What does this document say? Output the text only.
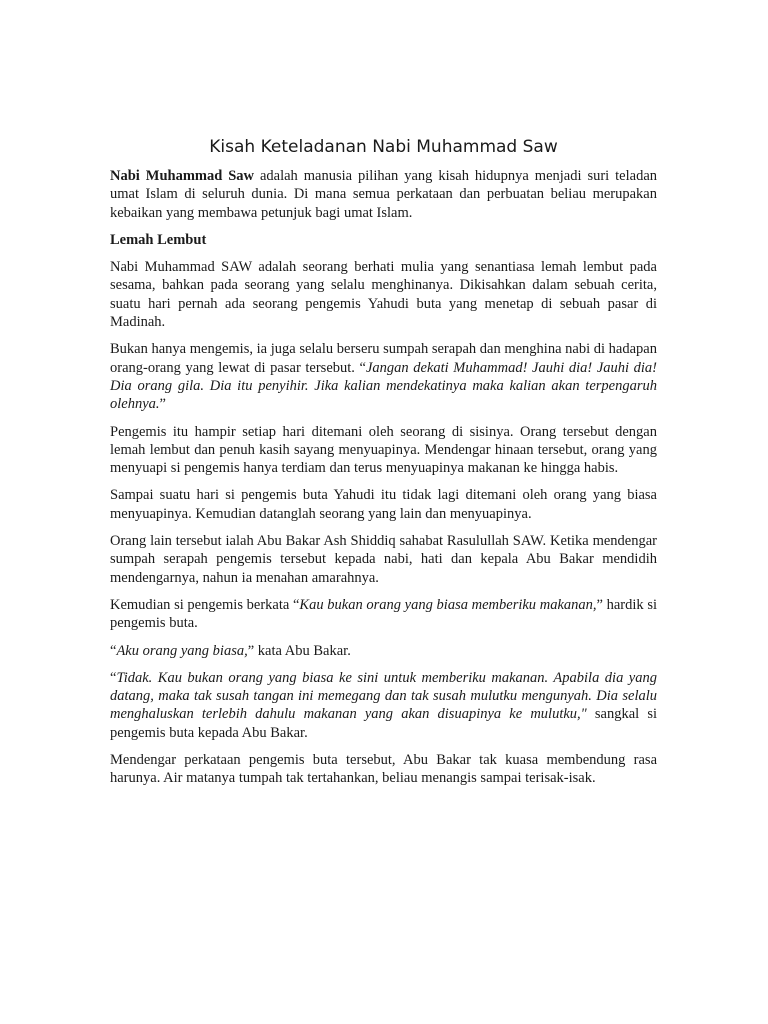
Kisah Keteladanan Nabi Muhammad Saw

Nabi Muhammad Saw adalah manusia pilihan yang kisah hidupnya menjadi suri teladan umat Islam di seluruh dunia. Di mana semua perkataan dan perbuatan beliau merupakan kebaikan yang membawa petunjuk bagi umat Islam.

Lemah Lembut

Nabi Muhammad SAW adalah seorang berhati mulia yang senantiasa lemah lembut pada sesama, bahkan pada seorang yang selalu menghinanya. Dikisahkan dalam sebuah cerita, suatu hari pernah ada seorang pengemis Yahudi buta yang menetap di sebuah pasar di Madinah.

Bukan hanya mengemis, ia juga selalu berseru sumpah serapah dan menghina nabi di hadapan orang-orang yang lewat di pasar tersebut. “Jangan dekati Muhammad! Jauhi dia! Jauhi dia! Dia orang gila. Dia itu penyihir. Jika kalian mendekatinya maka kalian akan terpengaruh olehnya.”

Pengemis itu hampir setiap hari ditemani oleh seorang di sisinya. Orang tersebut dengan lemah lembut dan penuh kasih sayang menyuapinya. Mendengar hinaan tersebut, orang yang menyuapi si pengemis hanya terdiam dan terus menyuapinya makanan ke hingga habis.

Sampai suatu hari si pengemis buta Yahudi itu tidak lagi ditemani oleh orang yang biasa menyuapinya. Kemudian datanglah seorang yang lain dan menyuapinya.

Orang lain tersebut ialah Abu Bakar Ash Shiddiq sahabat Rasulullah SAW. Ketika mendengar sumpah serapah pengemis tersebut kepada nabi, hati dan kepala Abu Bakar mendidih mendengarnya, nahun ia menahan amarahnya.

Kemudian si pengemis berkata “Kau bukan orang yang biasa memberiku makanan,” hardik si pengemis buta.

“Aku orang yang biasa,” kata Abu Bakar.

“Tidak. Kau bukan orang yang biasa ke sini untuk memberiku makanan. Apabila dia yang datang, maka tak susah tangan ini memegang dan tak susah mulutku mengunyah. Dia selalu menghaluskan terlebih dahulu makanan yang akan disuapinya ke mulutku," sangkal si pengemis buta kepada Abu Bakar.

Mendengar perkataan pengemis buta tersebut, Abu Bakar tak kuasa membendung rasa harunya. Air matanya tumpah tak tertahankan, beliau menangis sampai terisak-isak.
